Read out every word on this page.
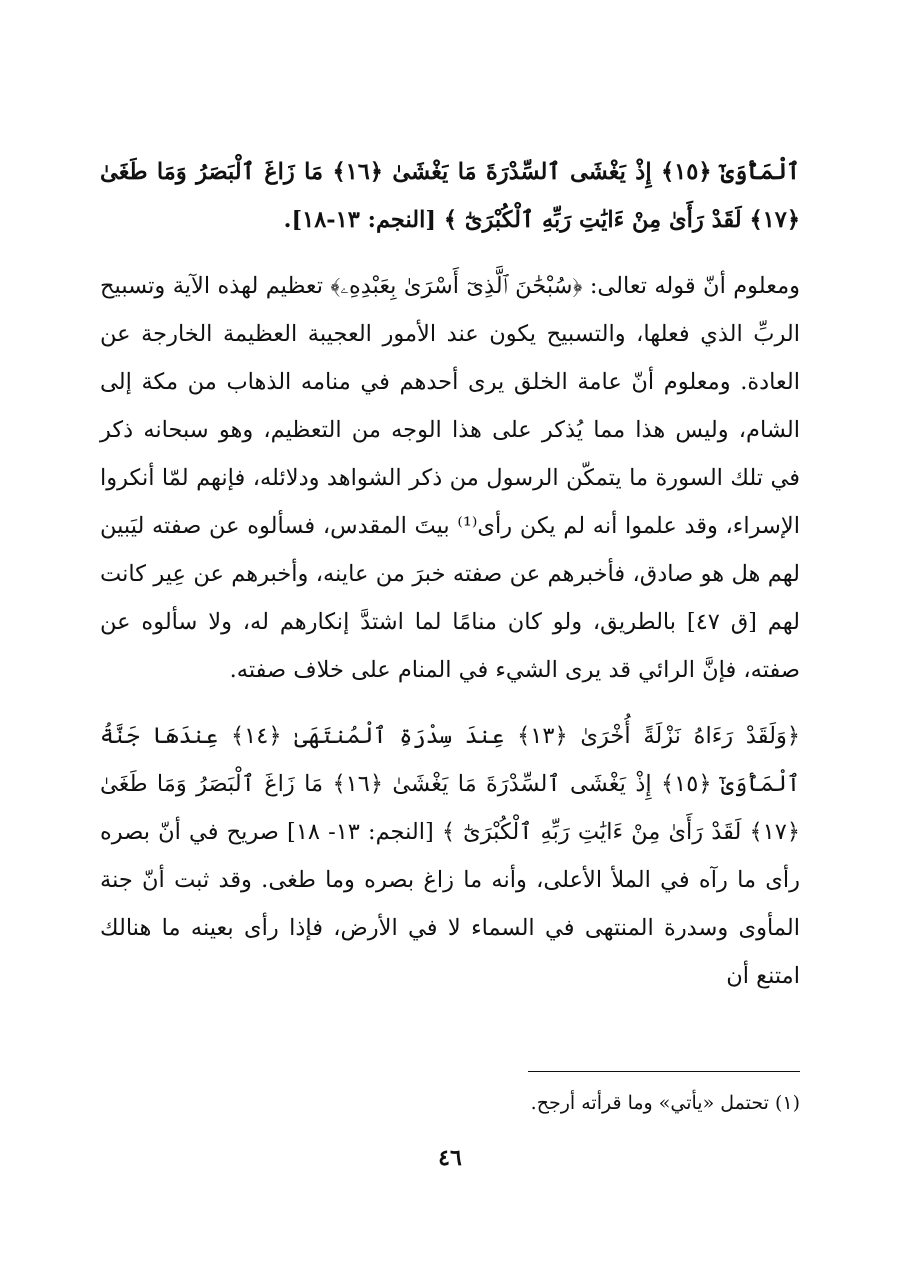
ٱلْمَأْوَىٰٓ ﴿١٥﴾ إِذْ يَغْشَى ٱلسِّدْرَةَ مَا يَغْشَىٰ ﴿١٦﴾ مَا زَاغَ ٱلْبَصَرُ وَمَا طَغَىٰ ﴿١٧﴾ لَقَدْ رَأَىٰ مِنْ ءَايَٰتِ رَبِّهِ ٱلْكُبْرَىٰٓ ﴾ [النجم: ١٣-١٨].

ومعلوم أنّ قوله تعالى: ﴿سُبْحَٰنَ ٱلَّذِىٓ أَسْرَىٰ بِعَبْدِهِۦ﴾ تعظيم لهذه الآية وتسبيح الربِّ الذي فعلها، والتسبيح يكون عند الأمور العجيبة العظيمة الخارجة عن العادة. ومعلوم أنّ عامة الخلق يرى أحدهم في منامه الذهاب من مكة إلى الشام، وليس هذا مما يُذكر على هذا الوجه من التعظيم، وهو سبحانه ذكر في تلك السورة ما يتمكّن الرسول من ذكر الشواهد ودلائله، فإنهم لمّا أنكروا الإسراء، وقد علموا أنه لم يكن رأى⁽¹⁾ بيتَ المقدس، فسألوه عن صفته ليَبين لهم هل هو صادق، فأخبرهم عن صفته خبرَ من عاينه، وأخبرهم عن عِير كانت لهم [ق ٤٧] بالطريق، ولو كان منامًا لما اشتدَّ إنكارهم له، ولا سألوه عن صفته، فإنَّ الرائي قد يرى الشيء في المنام على خلاف صفته.

﴿وَلَقَدْ رَءَاهُ نَزْلَةً أُخْرَىٰ ﴿١٣﴾ عِندَ سِدْرَةِ ٱلْمُنتَهَىٰ ﴿١٤﴾ عِندَهَا جَنَّةُ ٱلْمَأْوَىٰٓ ﴿١٥﴾ إِذْ يَغْشَى ٱلسِّدْرَةَ مَا يَغْشَىٰ ﴿١٦﴾ مَا زَاغَ ٱلْبَصَرُ وَمَا طَغَىٰ ﴿١٧﴾ لَقَدْ رَأَىٰ مِنْ ءَايَٰتِ رَبِّهِ ٱلْكُبْرَىٰٓ ﴾ [النجم: ١٣- ١٨] صريح في أنّ بصره رأى ما رآه في الملأ الأعلى، وأنه ما زاغ بصره وما طغى. وقد ثبت أنّ جنة المأوى وسدرة المنتهى في السماء لا في الأرض، فإذا رأى بعينه ما هنالك امتنع أن

(١) تحتمل «يأتي» وما قرأته أرجح.
٤٦
